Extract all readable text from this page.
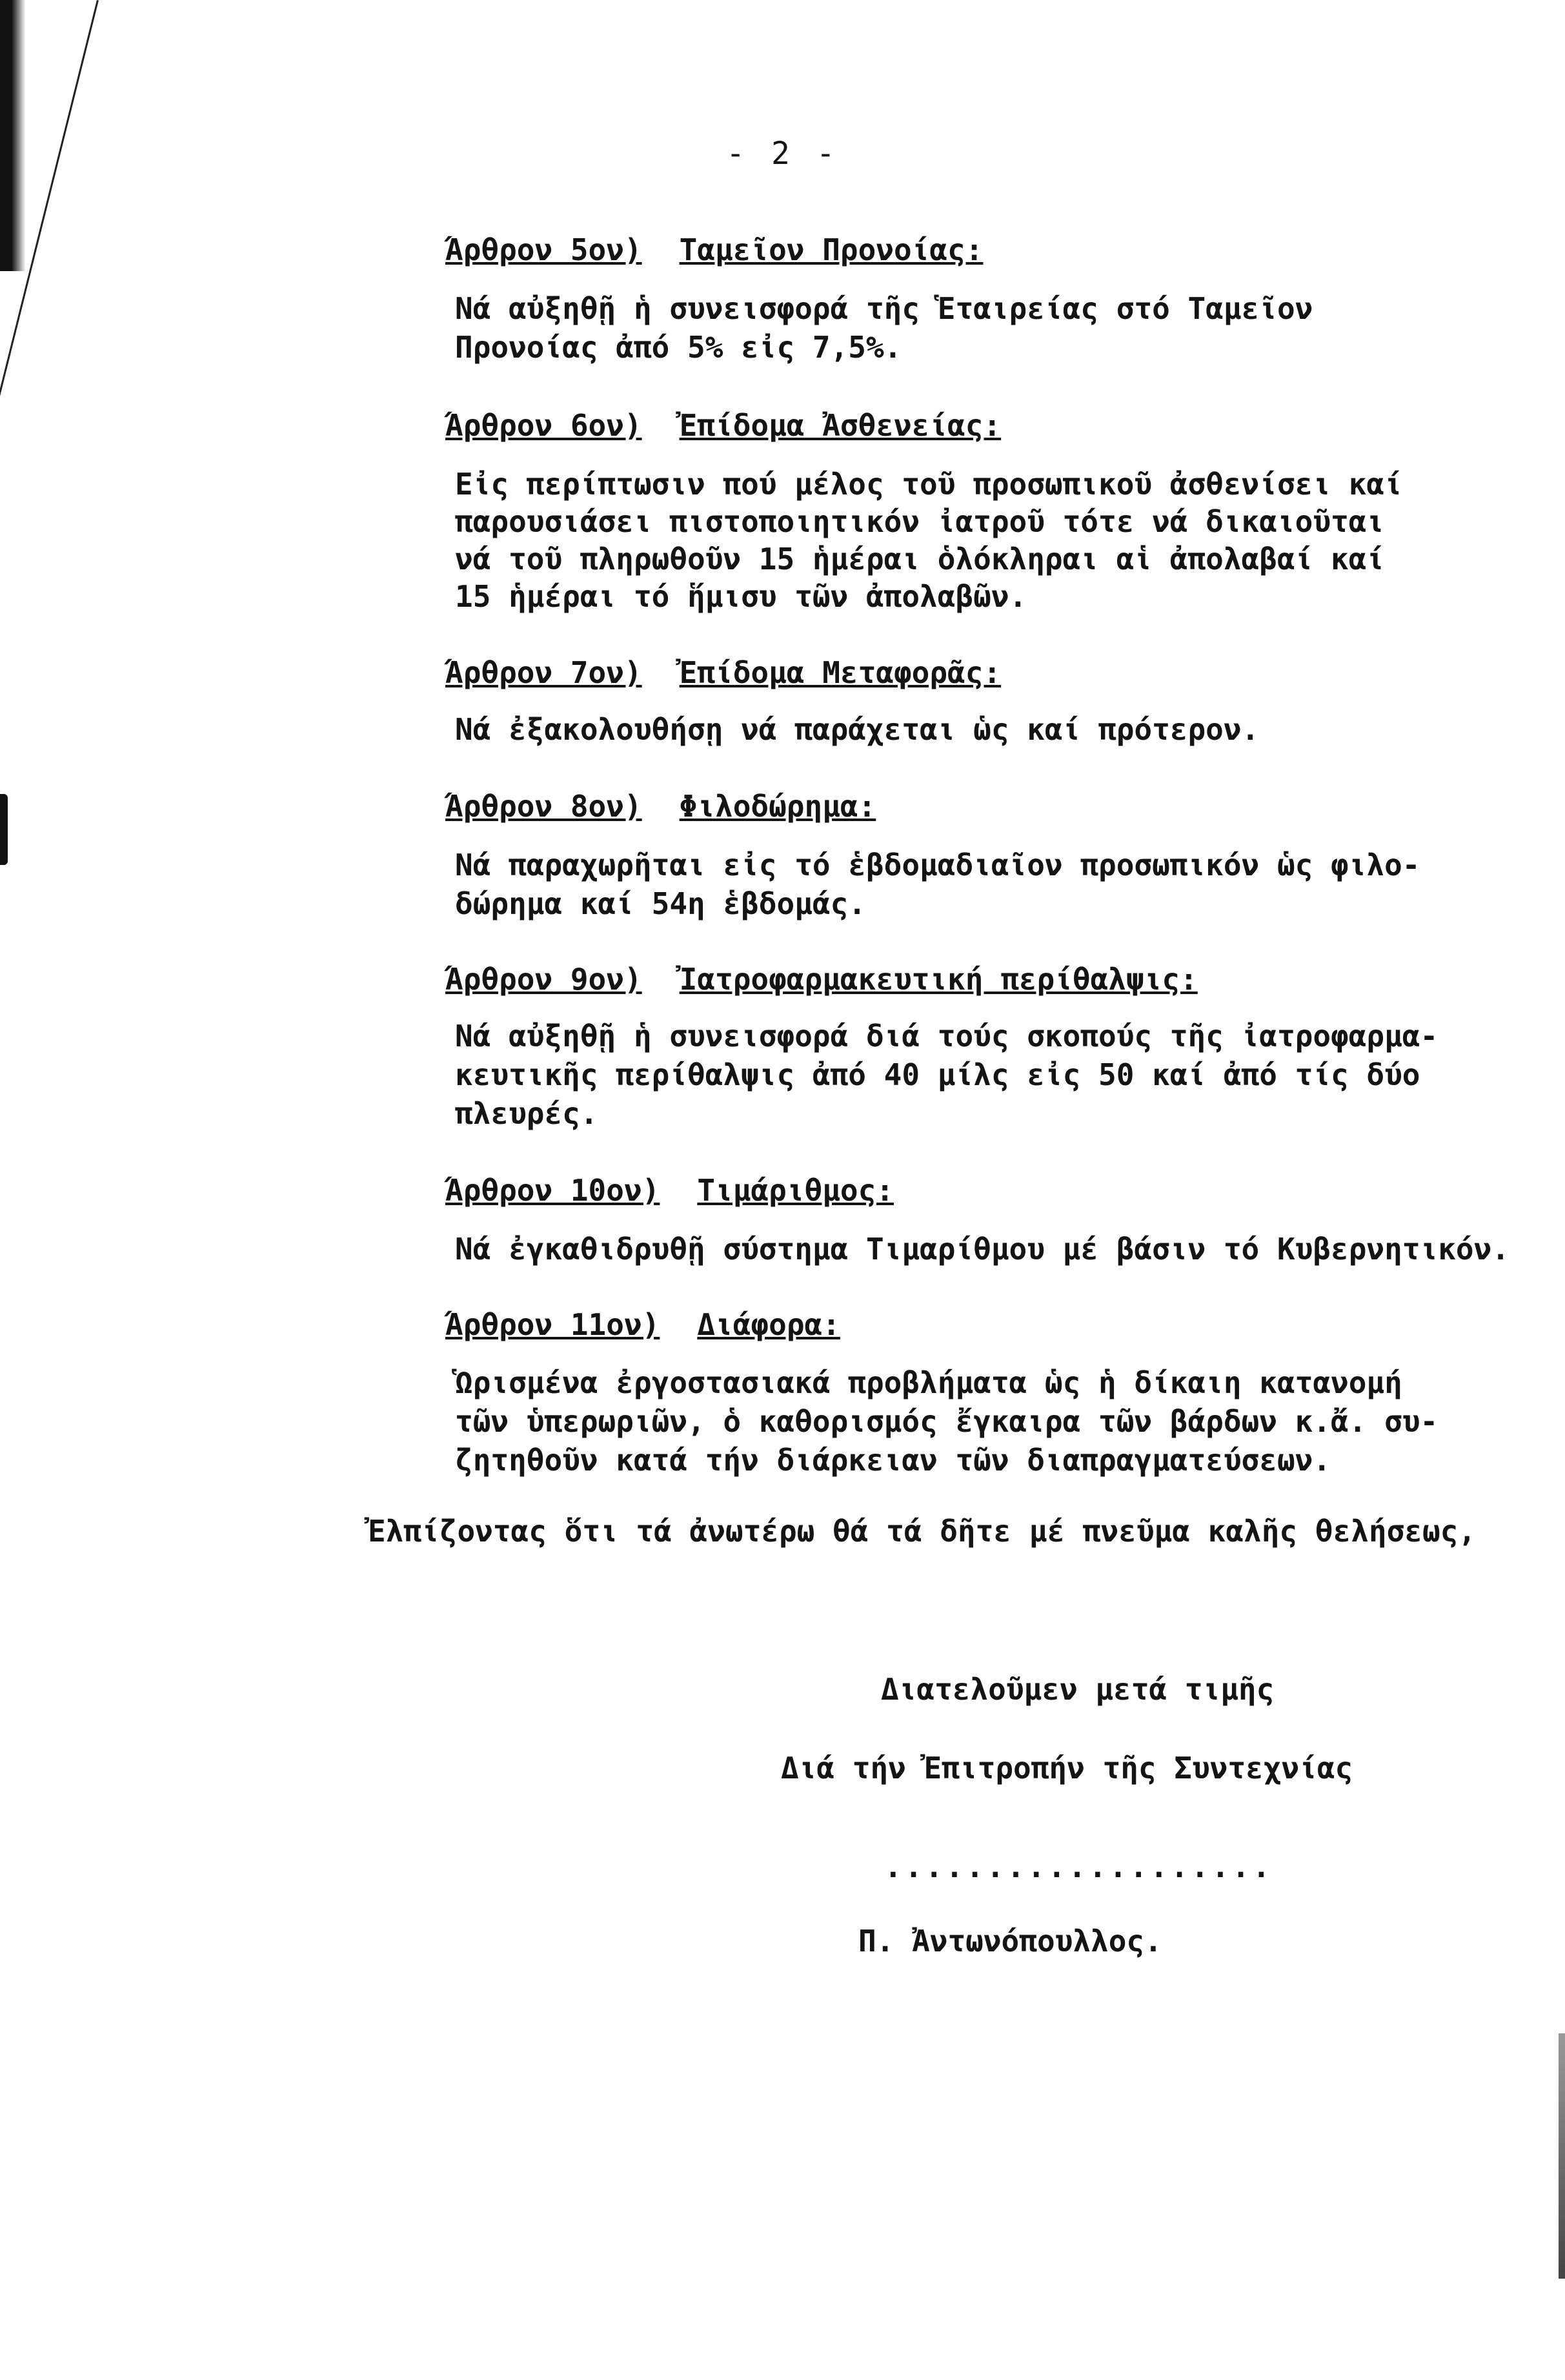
- 2 -
Άρθρον 5ον) Ταμεῖον Προνοίας:
Νά αὐξηθῇ ἡ συνεισφορά τῆς Ἑταιρείας στό Ταμεῖον
Προνοίας ἀπό 5% εἰς 7,5%.
Άρθρον 6ον) Ἐπίδομα Ἀσθενείας:
Εἰς περίπτωσιν πού μέλος τοῦ προσωπικοῦ ἀσθενίσει καί
παρουσιάσει πιστοποιητικόν ἰατροῦ τότε νά δικαιοῦται
νά τοῦ πληρωθοῦν 15 ἡμέραι ὁλόκληραι αἱ ἀπολαβαί καί
15 ἡμέραι τό ἥμισυ τῶν ἀπολαβῶν.
Άρθρον 7ον) Ἐπίδομα Μεταφορᾶς:
Νά ἐξακολουθήσῃ νά παράχεται ὡς καί πρότερον.
Άρθρον 8ον) Φιλοδώρημα:
Νά παραχωρῆται εἰς τό ἑβδομαδιαῖον προσωπικόν ὡς φιλο-
δώρημα καί 54η ἑβδομάς.
Άρθρον 9ον) Ἰατροφαρμακευτική περίθαλψις:
Νά αὐξηθῇ ἡ συνεισφορά διά τούς σκοπούς τῆς ἰατροφαρμα-
κευτικῆς περίθαλψις ἀπό 40 μίλς εἰς 50 καί ἀπό τίς δύο
πλευρές.
Άρθρον 10ον) Τιμάριθμος:
Νά ἐγκαθιδρυθῇ σύστημα Τιμαρίθμου μέ βάσιν τό Κυβερνητικόν.
Άρθρον 11ον) Διάφορα:
Ὡρισμένα ἐργοστασιακά προβλήματα ὡς ἡ δίκαιη κατανομή
τῶν ὑπερωριῶν, ὁ καθορισμός ἔγκαιρα τῶν βάρδων κ.ἄ. συ-
ζητηθοῦν κατά τήν διάρκειαν τῶν διαπραγματεύσεων.
Ἐλπίζοντας ὅτι τά ἀνωτέρω θά τά δῆτε μέ πνεῦμα καλῆς θελήσεως,
Διατελοῦμεν μετά τιμῆς
Διά τήν Ἐπιτροπήν τῆς Συντεχνίας
...................
Π. Ἀντωνόπουλλος.
